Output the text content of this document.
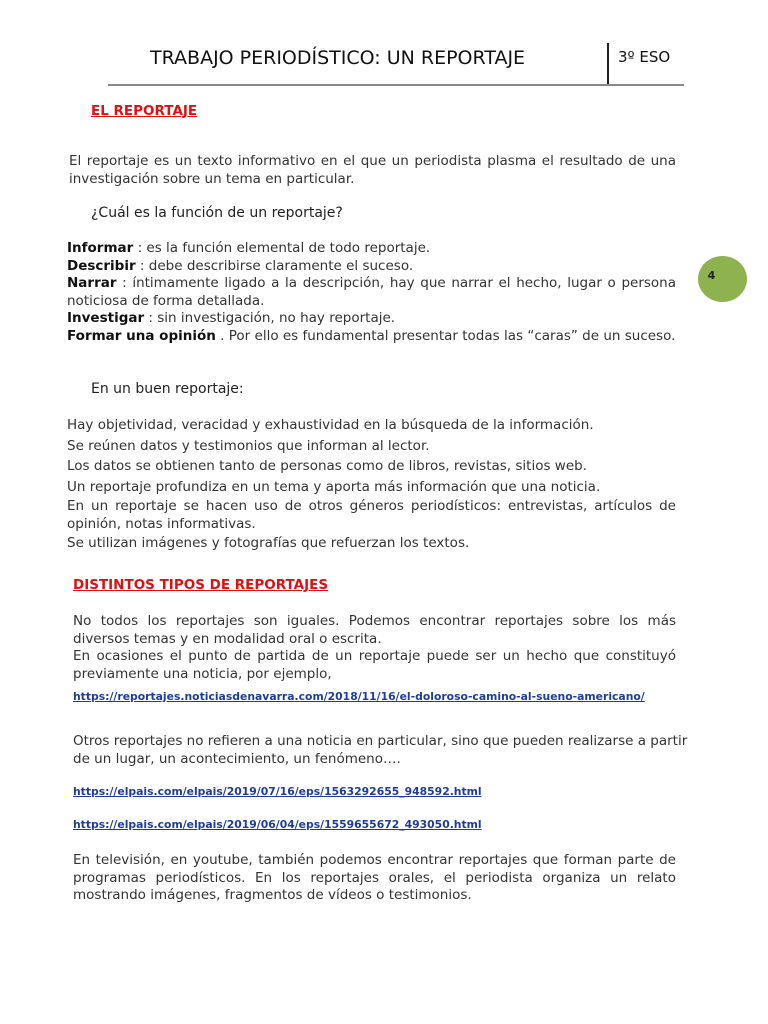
TRABAJO PERIODÍSTICO: UN REPORTAJE	3º ESO
4
EL REPORTAJE
El reportaje es un texto informativo en el que un periodista plasma el resultado de una investigación sobre un tema en particular.
¿Cuál es la función de un reportaje?
Informar : es la función elemental de todo reportaje.
Describir : debe describirse claramente el suceso.
Narrar : íntimamente ligado a la descripción, hay que narrar el hecho, lugar o persona noticiosa de forma detallada.
Investigar : sin investigación, no hay reportaje.
Formar una opinión . Por ello es fundamental presentar todas las “caras” de un suceso.
En un buen reportaje:
Hay objetividad, veracidad y exhaustividad en la búsqueda de la información.
Se reúnen datos y testimonios que informan al lector.
Los datos se obtienen tanto de personas como de libros, revistas, sitios web.
Un reportaje profundiza en un tema y aporta más información que una noticia.
En un reportaje se hacen uso de otros géneros periodísticos: entrevistas, artículos de opinión, notas informativas.
Se utilizan imágenes y fotografías que refuerzan los textos.
DISTINTOS TIPOS DE REPORTAJES
No todos los reportajes son iguales. Podemos encontrar reportajes sobre los más diversos temas y en modalidad oral o escrita.
En ocasiones el punto de partida de un reportaje puede ser un hecho que constituyó previamente una noticia, por ejemplo,
https://reportajes.noticiasdenavarra.com/2018/11/16/el-doloroso-camino-al-sueno-americano/
Otros reportajes no refieren a una noticia en particular, sino que pueden realizarse a partir de un lugar, un acontecimiento, un fenómeno….
https://elpais.com/elpais/2019/07/16/eps/1563292655_948592.html
https://elpais.com/elpais/2019/06/04/eps/1559655672_493050.html
En televisión, en youtube, también podemos encontrar reportajes que forman parte de programas periodísticos. En los reportajes orales, el periodista organiza un relato mostrando imágenes, fragmentos de vídeos o testimonios.
